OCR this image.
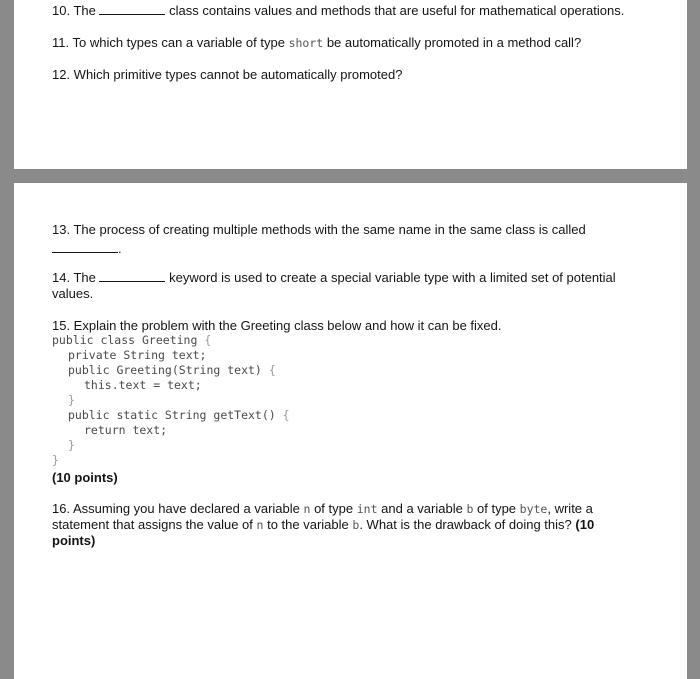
10. The	class contains values and methods that are useful for mathematical operations.
11. To which types can a variable of type short be automatically promoted in a method call?
12. Which primitive types cannot be automatically promoted?
13. The process of creating multiple methods with the same name in the same class is called
.
14. The	keyword is used to create a special variable type with a limited set of potential
values.
15. Explain the problem with the Greeting class below and how it can be fixed.
public class Greeting {
private String text;
public Greeting(String text) {
this.text = text;
}
public static String getText() {
return text;
}
}
(10 points)
16. Assuming you have declared a variable n of type int and a variable b of type byte, write a
statement that assigns the value of n to the variable b. What is the drawback of doing this? (10
points)
